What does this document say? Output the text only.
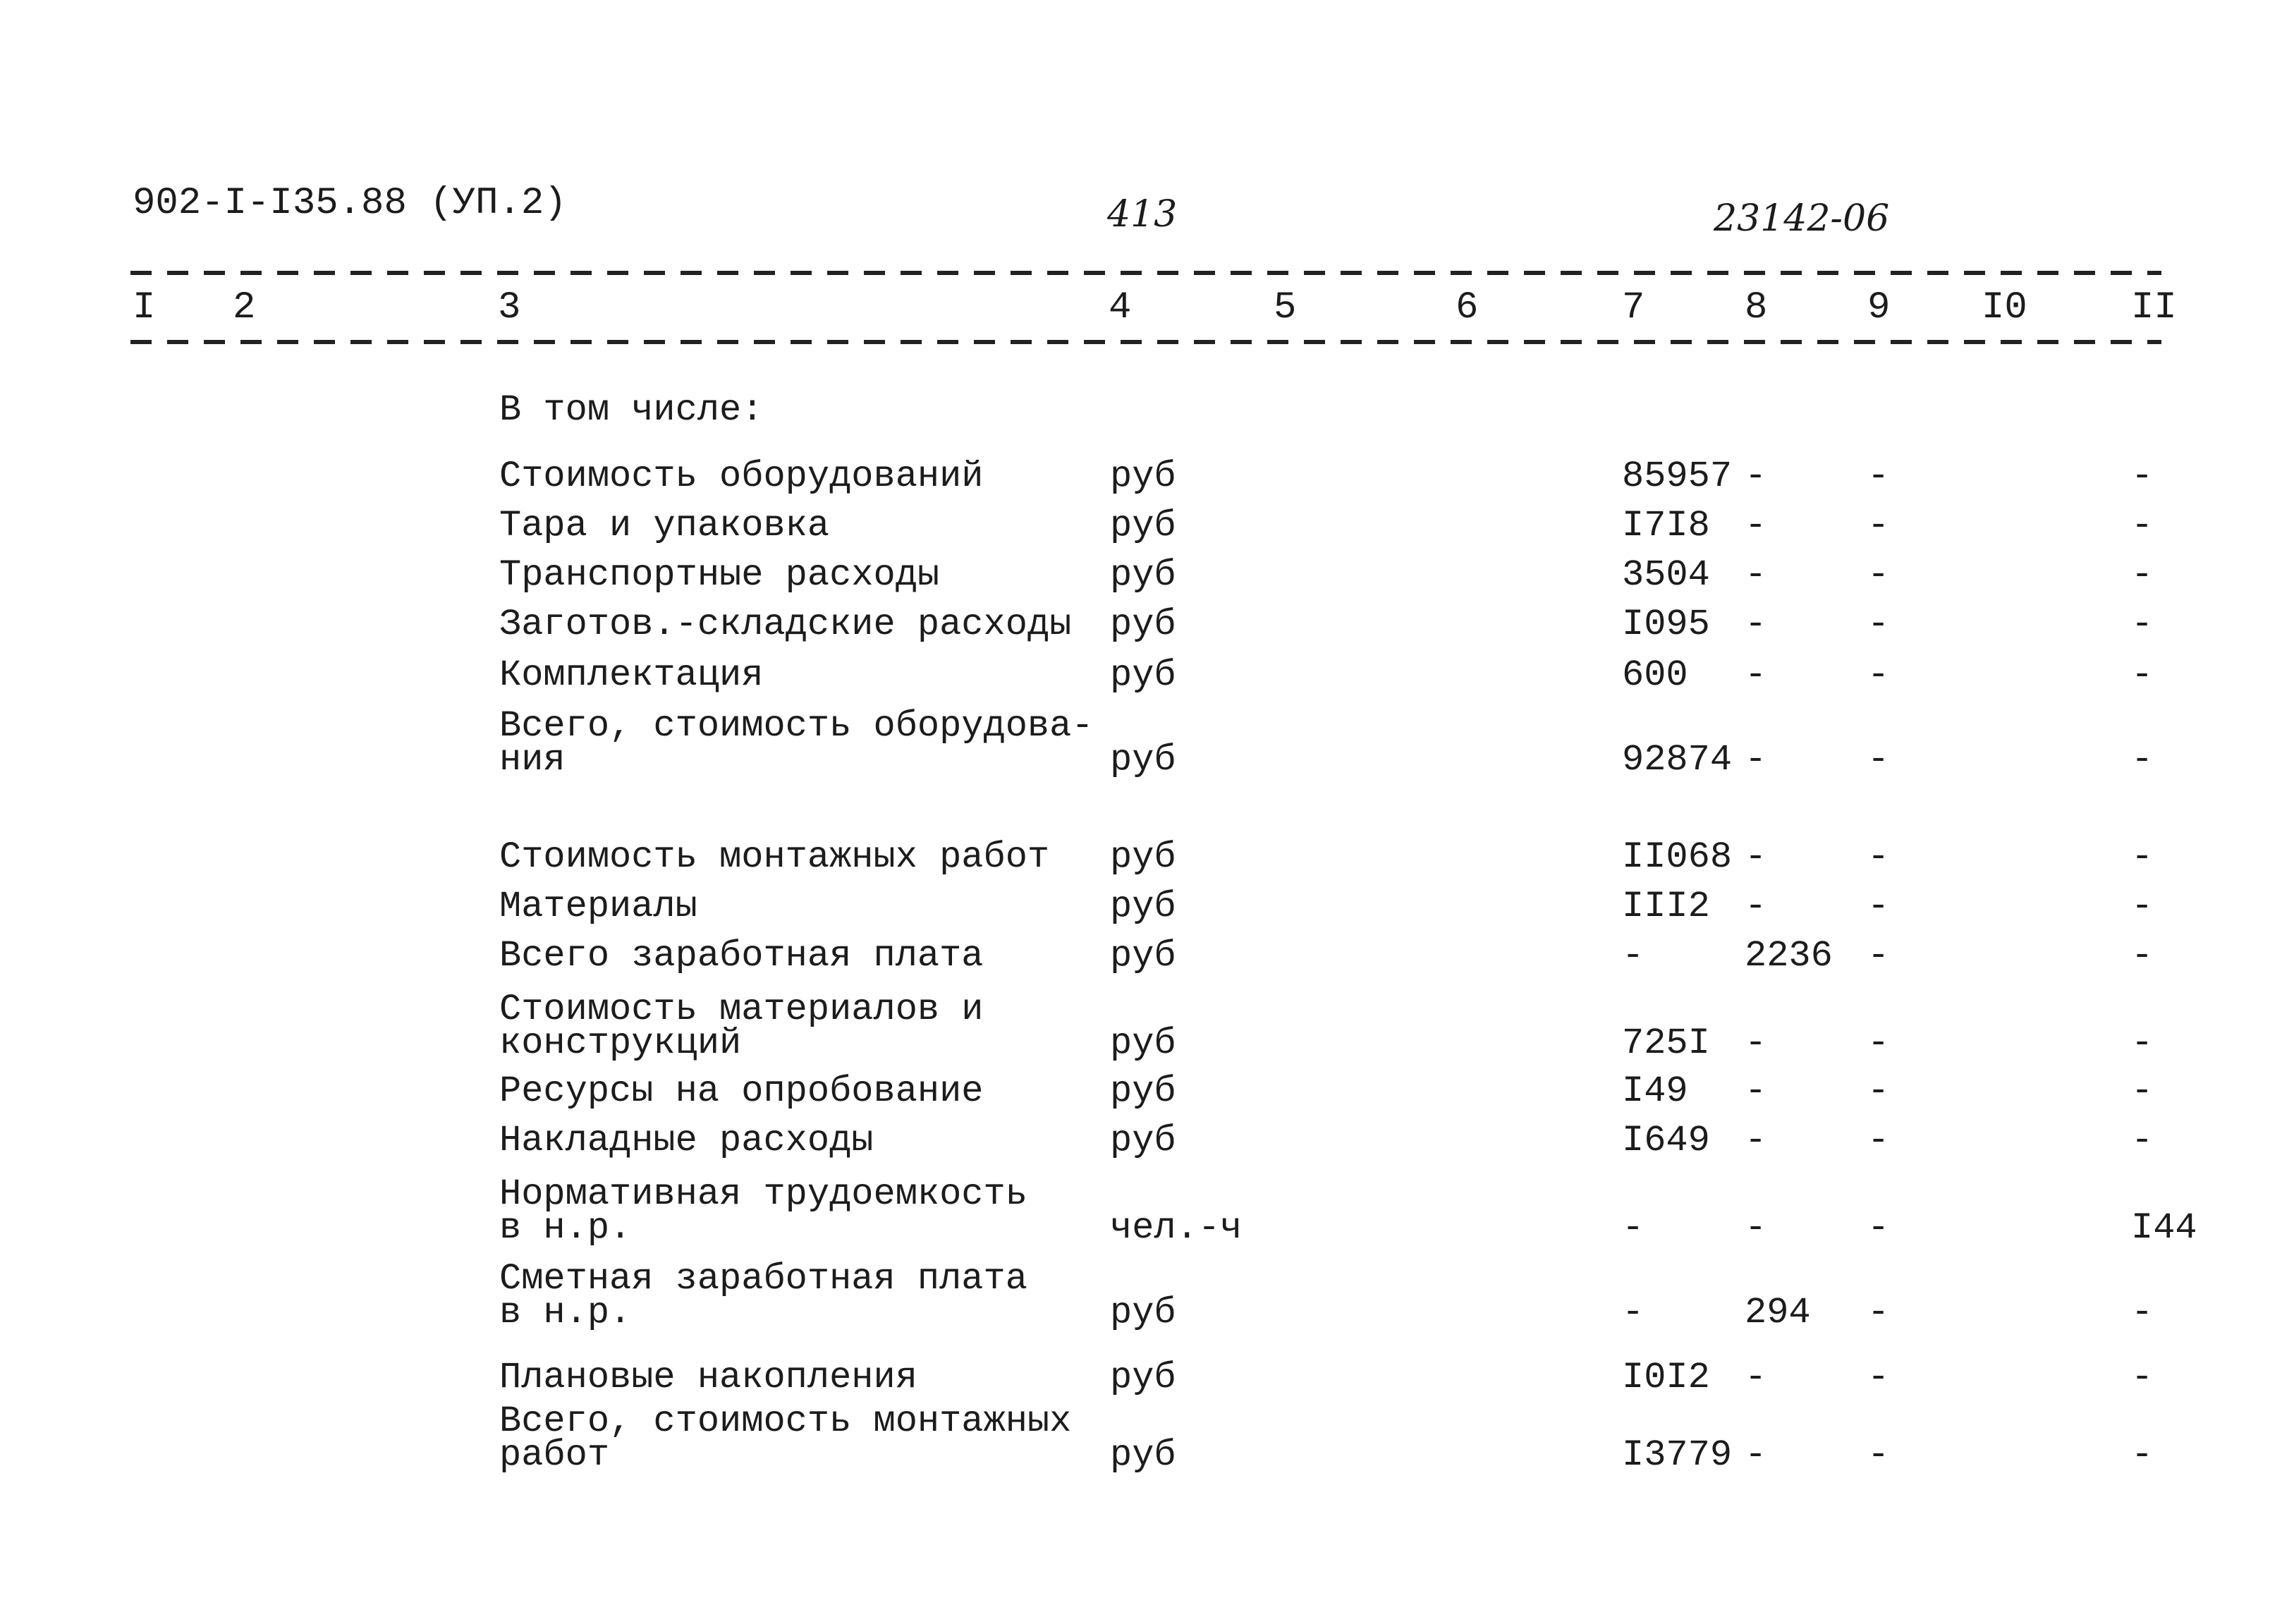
902-I-I35.88 (УП.2)	413	23142-06
I 2	3	4	5	6	7	8	9 I0	II
В том числе:
Стоимость оборудований	руб	85957 -	-	-
Тара и упаковка	руб	I7I8 -	-	-
Транспортные расходы	руб	3504 -	-	-
Заготов.-складские расходы руб	I095 -	-	-
Комплектация	руб	600 -	-	-
Всего, стоимость оборудова-
ния	руб	92874 -	-	-
Стоимость монтажных работ руб	II068 -	-	-
Материалы	руб	III2 -	-	-
Всего заработная плата	руб	-	2236 -	-
Стоимость материалов и
конструкций	руб	725I -	-	-
Ресурсы на опробование	руб	I49 -	-	-
Накладные расходы	руб	I649 -	-	-
Нормативная трудоемкость
в н.р.	чел.-ч	-	-	-	I44
Сметная заработная плата
в н.р.	руб	-	294 -	-
Плановые накопления	руб	I0I2 -	-	-
Всего, стоимость монтажных
работ	руб	I3779 -	-	-
